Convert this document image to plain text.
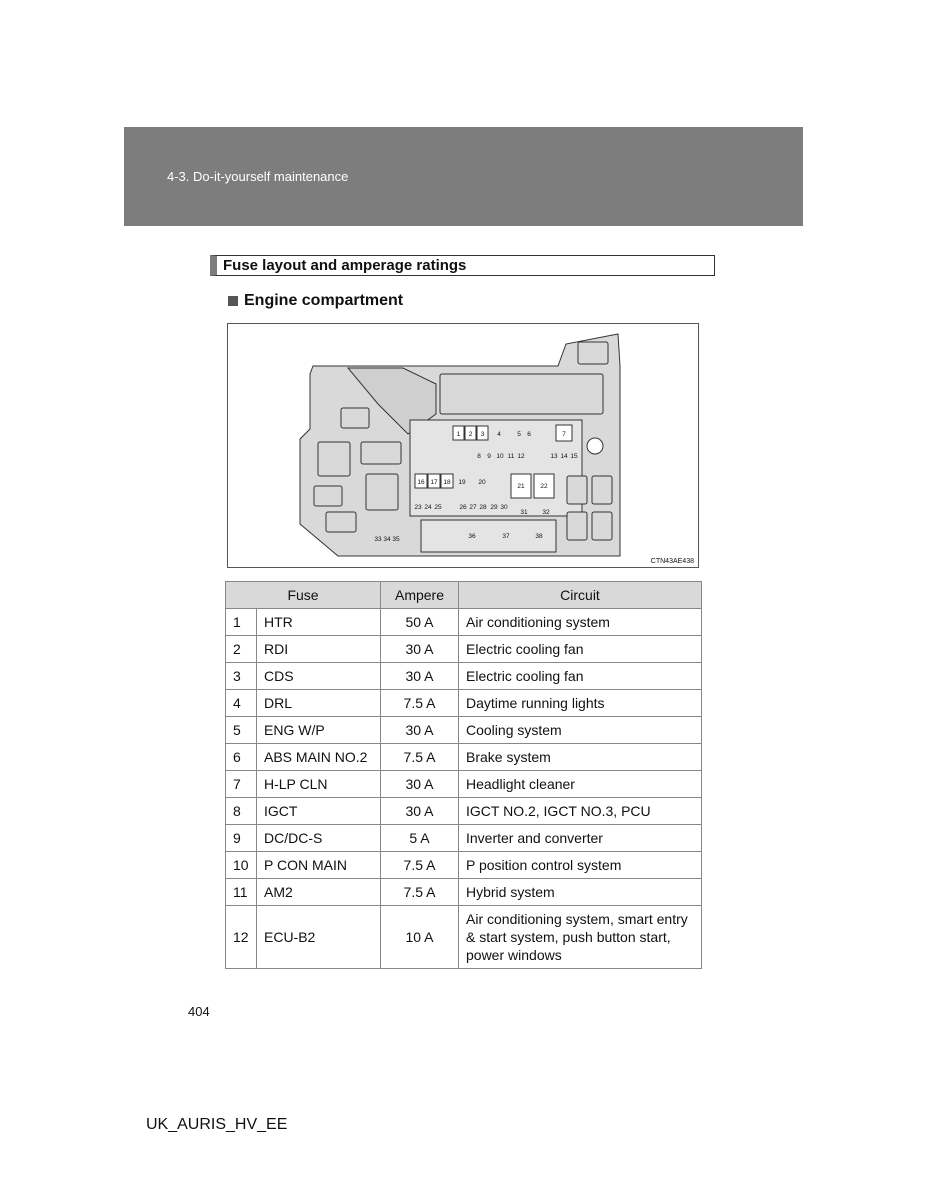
4-3. Do-it-yourself maintenance
Fuse layout and amperage ratings
Engine compartment
1 2 3 4	5 6	7
8 9 10 11 12	13 14 15
16 17 18 19 20
21 22
23 24 25	26 27 28 29 30
31 32
33 34 35	36	37	38
CTN43AE438
Fuse		Ampere	Circuit
1	HTR	50 A	Air conditioning system
2	RDI	30 A	Electric cooling fan
3	CDS	30 A	Electric cooling fan
4	DRL	7.5 A	Daytime running lights
5	ENG W/P	30 A	Cooling system
6	ABS MAIN NO.2	7.5 A	Brake system
7	H-LP CLN	30 A	Headlight cleaner
8	IGCT	30 A	IGCT NO.2, IGCT NO.3, PCU
9	DC/DC-S	5 A	Inverter and converter
10	P CON MAIN	7.5 A	P position control system
11	AM2	7.5 A	Hybrid system
12	ECU-B2	10 A	Air conditioning system, smart entry & start system, push button start, power windows
404
UK_AURIS_HV_EE
